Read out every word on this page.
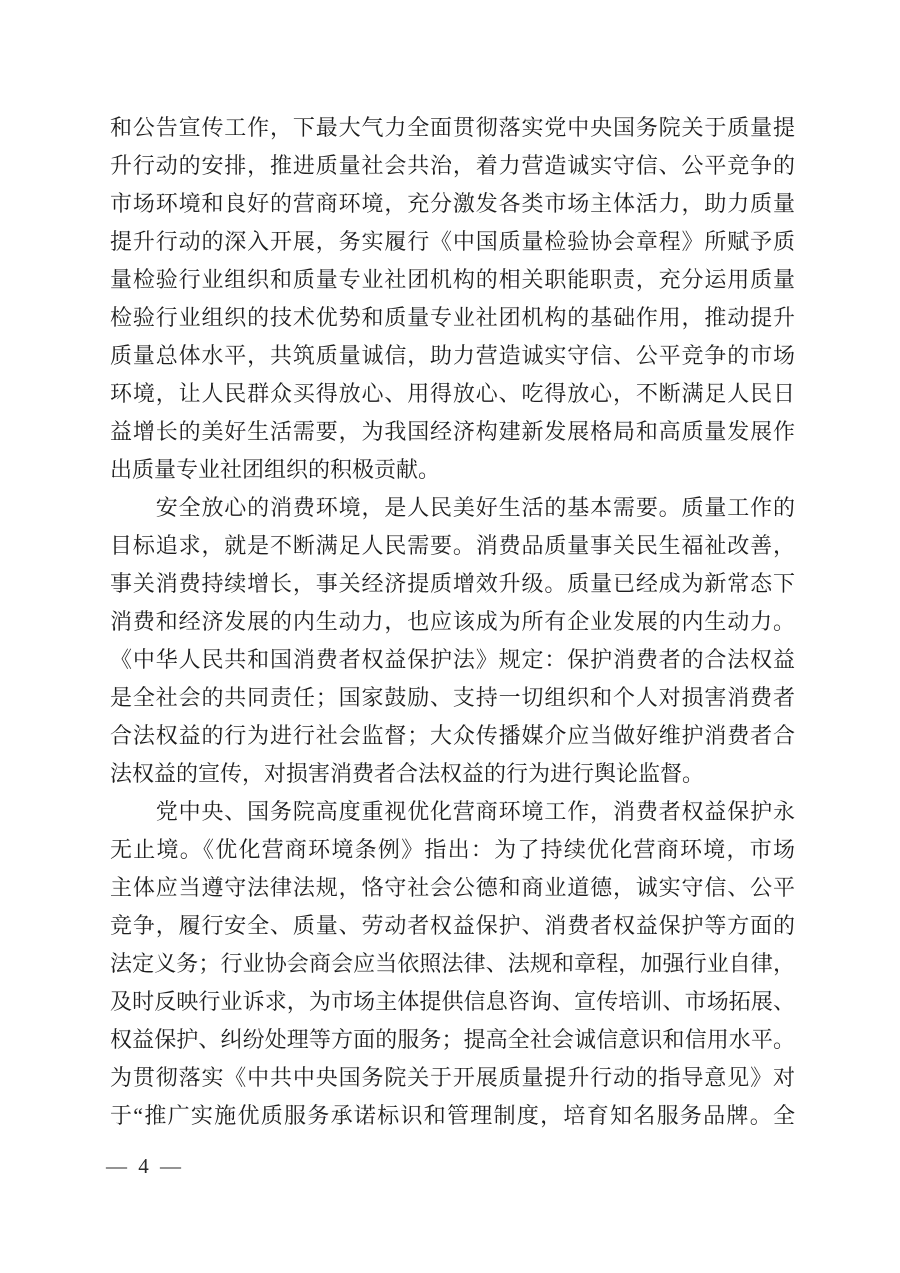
和公告宣传工作，下最大气力全面贯彻落实党中央国务院关于质量提
升行动的安排，推进质量社会共治，着力营造诚实守信、公平竞争的
市场环境和良好的营商环境，充分激发各类市场主体活力，助力质量
提升行动的深入开展，务实履行《中国质量检验协会章程》所赋予质
量检验行业组织和质量专业社团机构的相关职能职责，充分运用质量
检验行业组织的技术优势和质量专业社团机构的基础作用，推动提升
质量总体水平，共筑质量诚信，助力营造诚实守信、公平竞争的市场
环境，让人民群众买得放心、用得放心、吃得放心，不断满足人民日
益增长的美好生活需要，为我国经济构建新发展格局和高质量发展作
出质量专业社团组织的积极贡献。
　　安全放心的消费环境，是人民美好生活的基本需要。质量工作的
目标追求，就是不断满足人民需要。消费品质量事关民生福祉改善，
事关消费持续增长，事关经济提质增效升级。质量已经成为新常态下
消费和经济发展的内生动力，也应该成为所有企业发展的内生动力。
《中华人民共和国消费者权益保护法》规定：保护消费者的合法权益
是全社会的共同责任；国家鼓励、支持一切组织和个人对损害消费者
合法权益的行为进行社会监督；大众传播媒介应当做好维护消费者合
法权益的宣传，对损害消费者合法权益的行为进行舆论监督。
　　党中央、国务院高度重视优化营商环境工作，消费者权益保护永
无止境。《优化营商环境条例》指出：为了持续优化营商环境，市场
主体应当遵守法律法规，恪守社会公德和商业道德，诚实守信、公平
竞争，履行安全、质量、劳动者权益保护、消费者权益保护等方面的
法定义务；行业协会商会应当依照法律、法规和章程，加强行业自律，
及时反映行业诉求，为市场主体提供信息咨询、宣传培训、市场拓展、
权益保护、纠纷处理等方面的服务；提高全社会诚信意识和信用水平。
为贯彻落实《中共中央国务院关于开展质量提升行动的指导意见》对
于“推广实施优质服务承诺标识和管理制度，培育知名服务品牌。全
— 4 —
